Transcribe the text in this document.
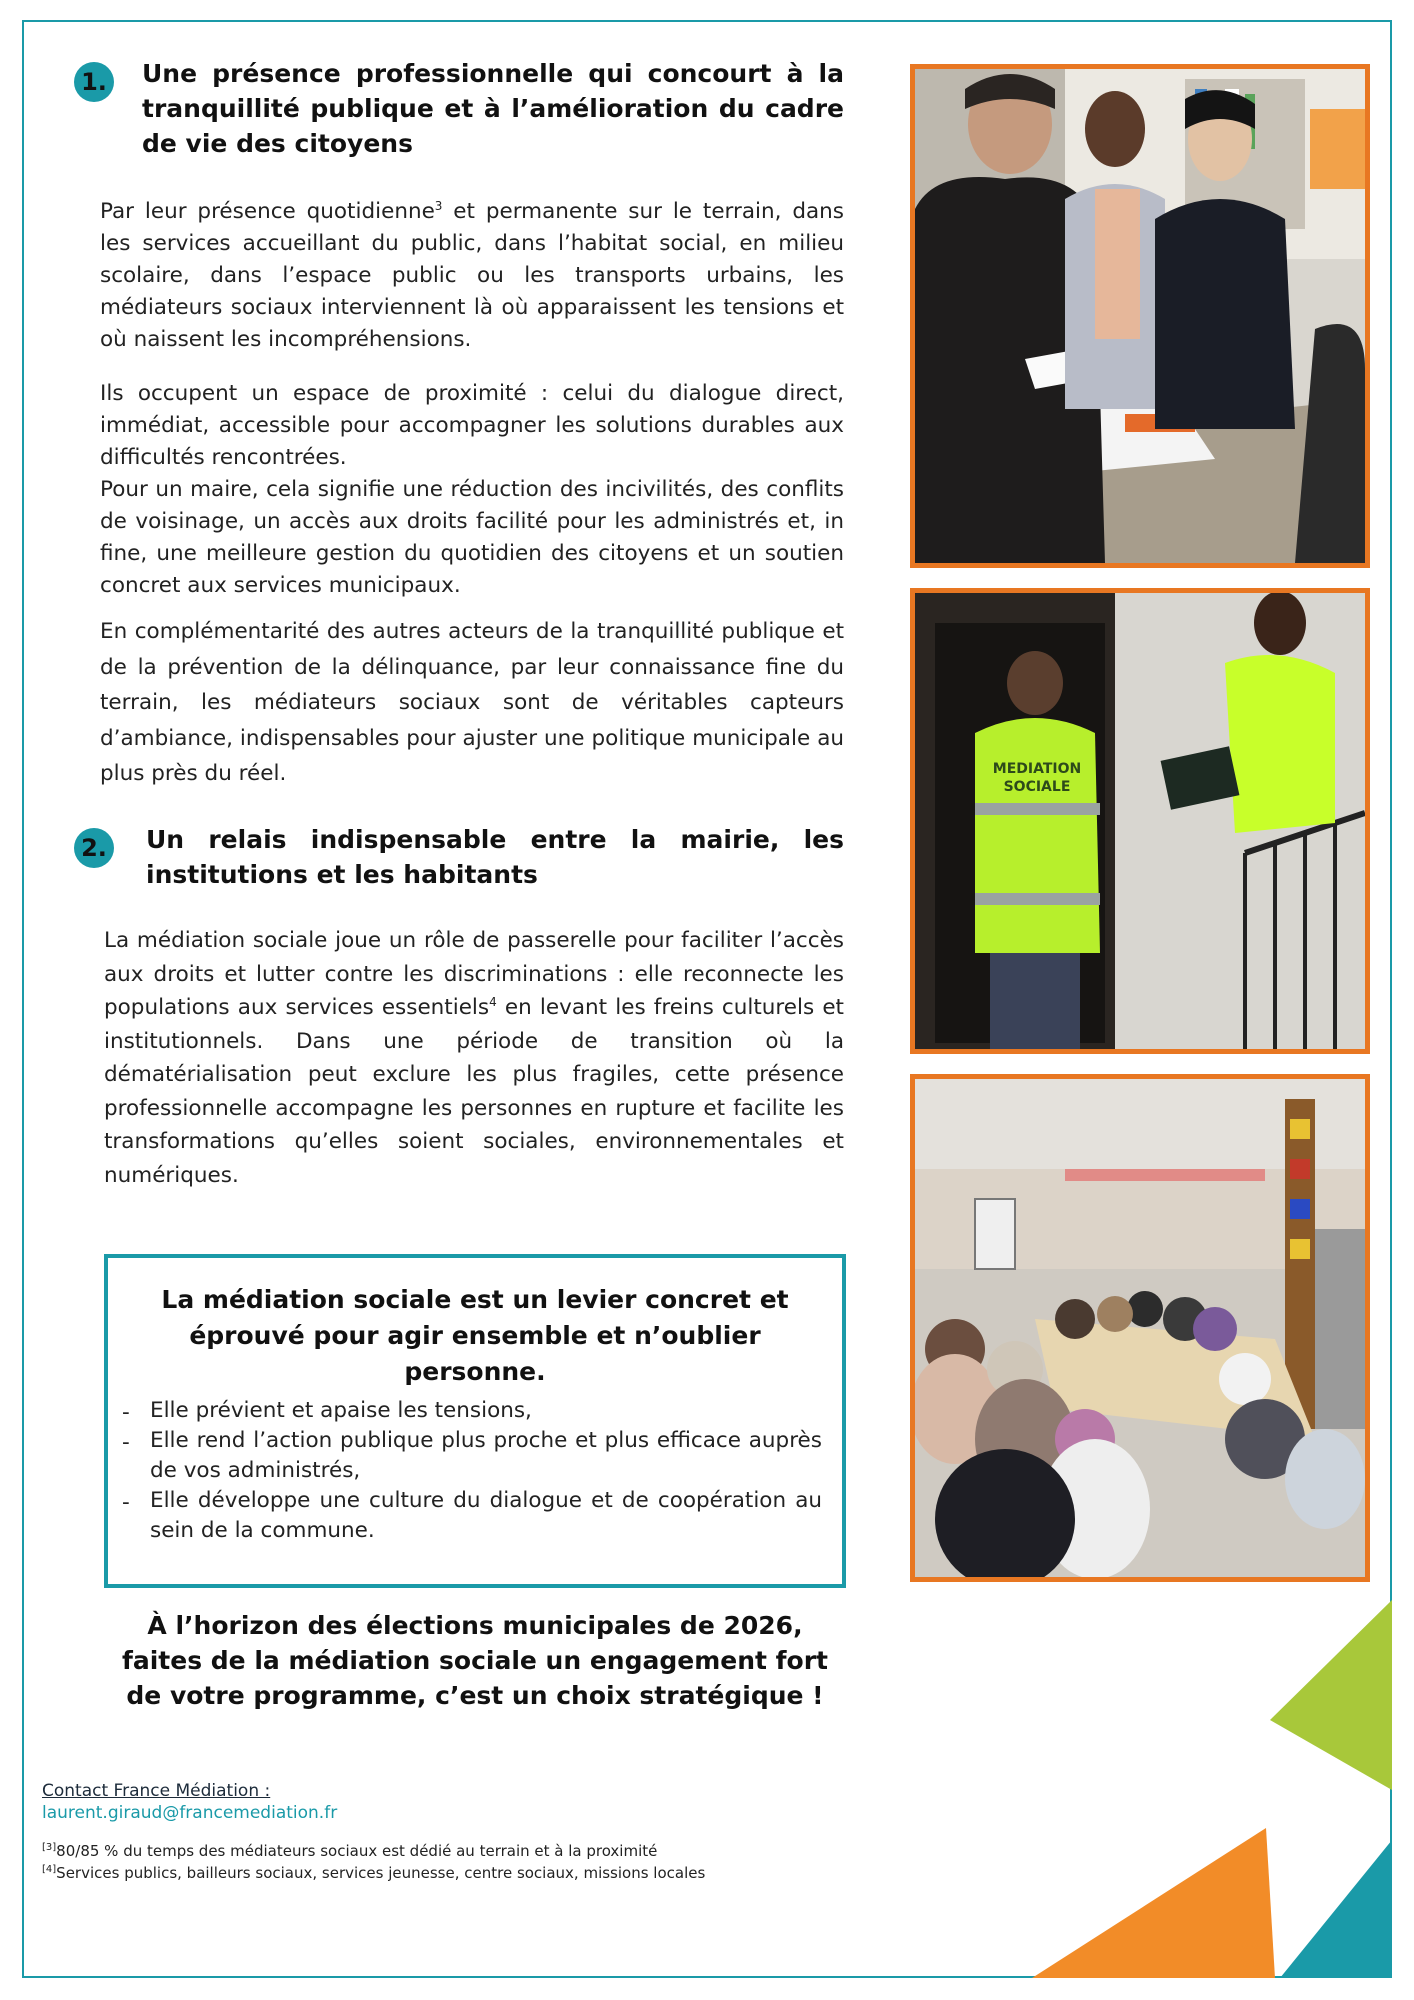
1. Une présence professionnelle qui concourt à la tranquillité publique et à l’amélioration du cadre de vie des citoyens

Par leur présence quotidienne$^3$ et permanente sur le terrain, dans les services accueillant du public, dans l’habitat social, en milieu scolaire, dans l’espace public ou les transports urbains, les médiateurs sociaux interviennent là où apparaissent les tensions et où naissent les incompréhensions.

Ils occupent un espace de proximité : celui du dialogue direct, immédiat, accessible pour accompagner les solutions durables aux difficultés rencontrées.

Pour un maire, cela signifie une réduction des incivilités, des conflits de voisinage, un accès aux droits facilité pour les administrés et, in fine, une meilleure gestion du quotidien des citoyens et un soutien concret aux services municipaux.

En complémentarité des autres acteurs de la tranquillité publique et de la prévention de la délinquance, par leur connaissance fine du terrain, les médiateurs sociaux sont de véritables capteurs d’ambiance, indispensables pour ajuster une politique municipale au plus près du réel.

2. Un relais indispensable entre la mairie, les institutions et les habitants

La médiation sociale joue un rôle de passerelle pour faciliter l’accès aux droits et lutter contre les discriminations : elle reconnecte les populations aux services essentiels$^4$ en levant les freins culturels et institutionnels. Dans une période de transition où la dématérialisation peut exclure les plus fragiles, cette présence professionnelle accompagne les personnes en rupture et facilite les transformations qu’elles soient sociales, environnementales et numériques.

La médiation sociale est un levier concret et éprouvé pour agir ensemble et n’oublier personne.
- Elle prévient et apaise les tensions,
- Elle rend l’action publique plus proche et plus efficace auprès de vos administrés,
- Elle développe une culture du dialogue et de coopération au sein de la commune.
À l’horizon des élections municipales de 2026, faites de la médiation sociale un engagement fort de votre programme, c’est un choix stratégique !
MEDIATION
SOCIALE
Contact France Médiation :
laurent.giraud@francemediation.fr
[3]80/85 % du temps des médiateurs sociaux est dédié au terrain et à la proximité
[4]Services publics, bailleurs sociaux, services jeunesse, centre sociaux, missions locales
